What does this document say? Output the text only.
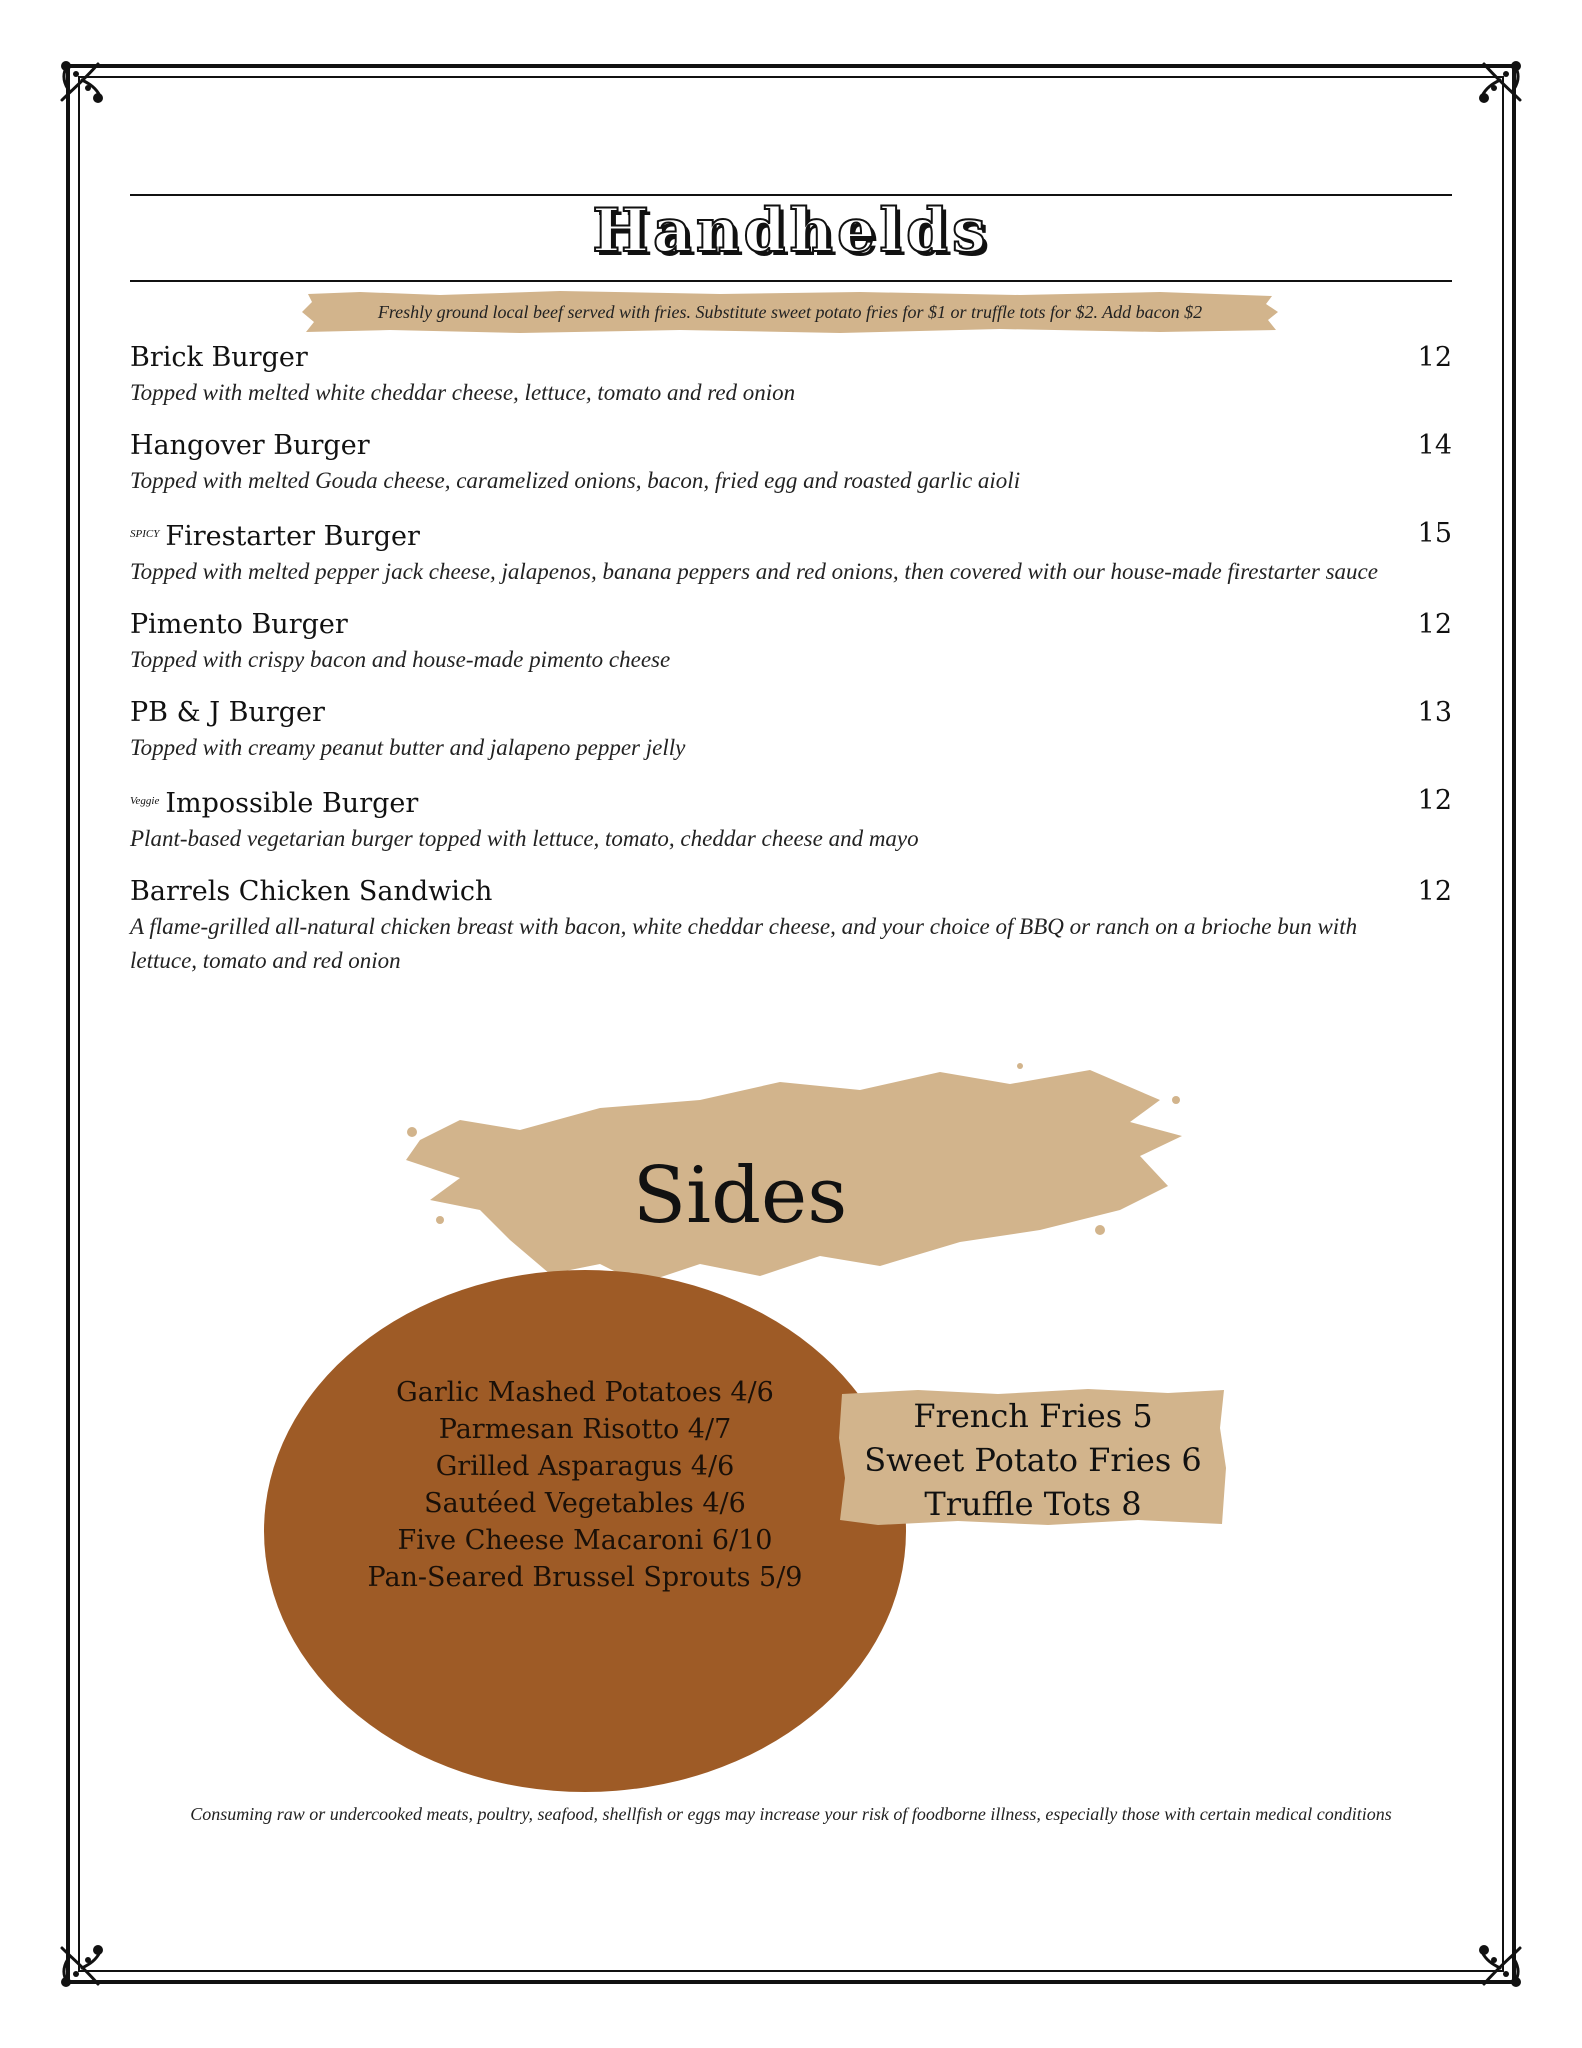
Handhelds
Freshly ground local beef served with fries. Substitute sweet potato fries for $1 or truffle tots for $2. Add bacon $2
Brick Burger	12
Topped with melted white cheddar cheese, lettuce, tomato and red onion
Hangover Burger	14
Topped with melted Gouda cheese, caramelized onions, bacon, fried egg and roasted garlic aioli
$^{SPICY}$ Firestarter Burger	15
Topped with melted pepper jack cheese, jalapenos, banana peppers and red onions, then covered with our house-made firestarter sauce
Pimento Burger	12
Topped with crispy bacon and house-made pimento cheese
PB & J Burger	13
Topped with creamy peanut butter and jalapeno pepper jelly
$^{Veggie}$ Impossible Burger	12
Plant-based vegetarian burger topped with lettuce, tomato, cheddar cheese and mayo
Barrels Chicken Sandwich	12
A flame-grilled all-natural chicken breast with bacon, white cheddar cheese, and your choice of BBQ or ranch on a brioche bun with lettuce, tomato and red onion
Sides
Garlic Mashed Potatoes 4/6
Parmesan Risotto 4/7
Grilled Asparagus 4/6
Sautéed Vegetables 4/6
Five Cheese Macaroni 6/10
Pan-Seared Brussel Sprouts 5/9
French Fries 5
Sweet Potato Fries 6
Truffle Tots 8
Consuming raw or undercooked meats, poultry, seafood, shellfish or eggs may increase your risk of foodborne illness, especially those with certain medical conditions
